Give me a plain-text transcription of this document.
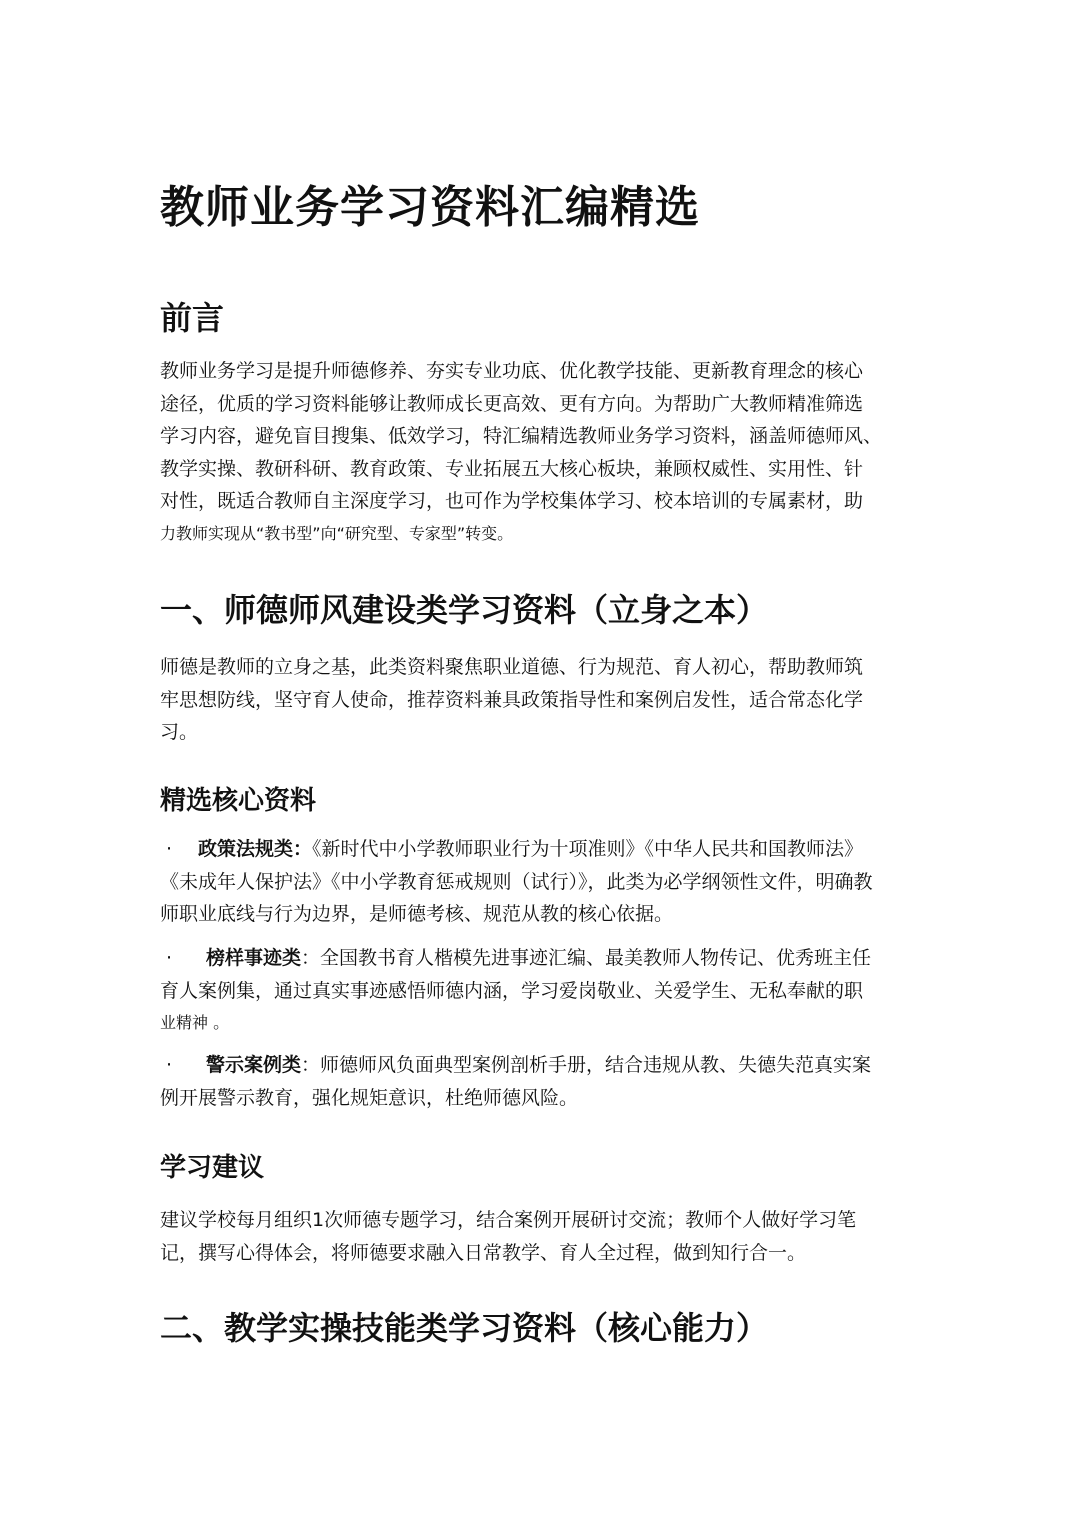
教师业务学习资料汇编精选
前言
教师业务学习是提升师德修养、夯实专业功底、优化教学技能、更新教育理念的核心
途径，优质的学习资料能够让教师成长更高效、更有方向。为帮助广大教师精准筛选
学习内容，避免盲目搜集、低效学习，特汇编精选教师业务学习资料，涵盖师德师风、
教学实操、教研科研、教育政策、专业拓展五大核心板块，兼顾权威性、实用性、针
对性，既适合教师自主深度学习，也可作为学校集体学习、校本培训的专属素材，助
力教师实现从“教书型”向“研究型、专家型”转变。
一、师德师风建设类学习资料（立身之本）
师德是教师的立身之基，此类资料聚焦职业道德、行为规范、育人初心，帮助教师筑
牢思想防线，坚守育人使命，推荐资料兼具政策指导性和案例启发性，适合常态化学
习。
精选核心资料
· 政策法规类：《新时代中小学教师职业行为十项准则》《中华人民共和国教师法》
《未成年人保护法》《中小学教育惩戒规则（试行）》，此类为必学纲领性文件，明确教
师职业底线与行为边界，是师德考核、规范从教的核心依据。
· 榜样事迹类：全国教书育人楷模先进事迹汇编、最美教师人物传记、优秀班主任
育人案例集，通过真实事迹感悟师德内涵，学习爱岗敬业、关爱学生、无私奉献的职
业精神 。
· 警示案例类：师德师风负面典型案例剖析手册，结合违规从教、失德失范真实案
例开展警示教育，强化规矩意识，杜绝师德风险。
学习建议
建议学校每月组织1次师德专题学习，结合案例开展研讨交流；教师个人做好学习笔
记，撰写心得体会，将师德要求融入日常教学、育人全过程，做到知行合一。
二、教学实操技能类学习资料（核心能力）
